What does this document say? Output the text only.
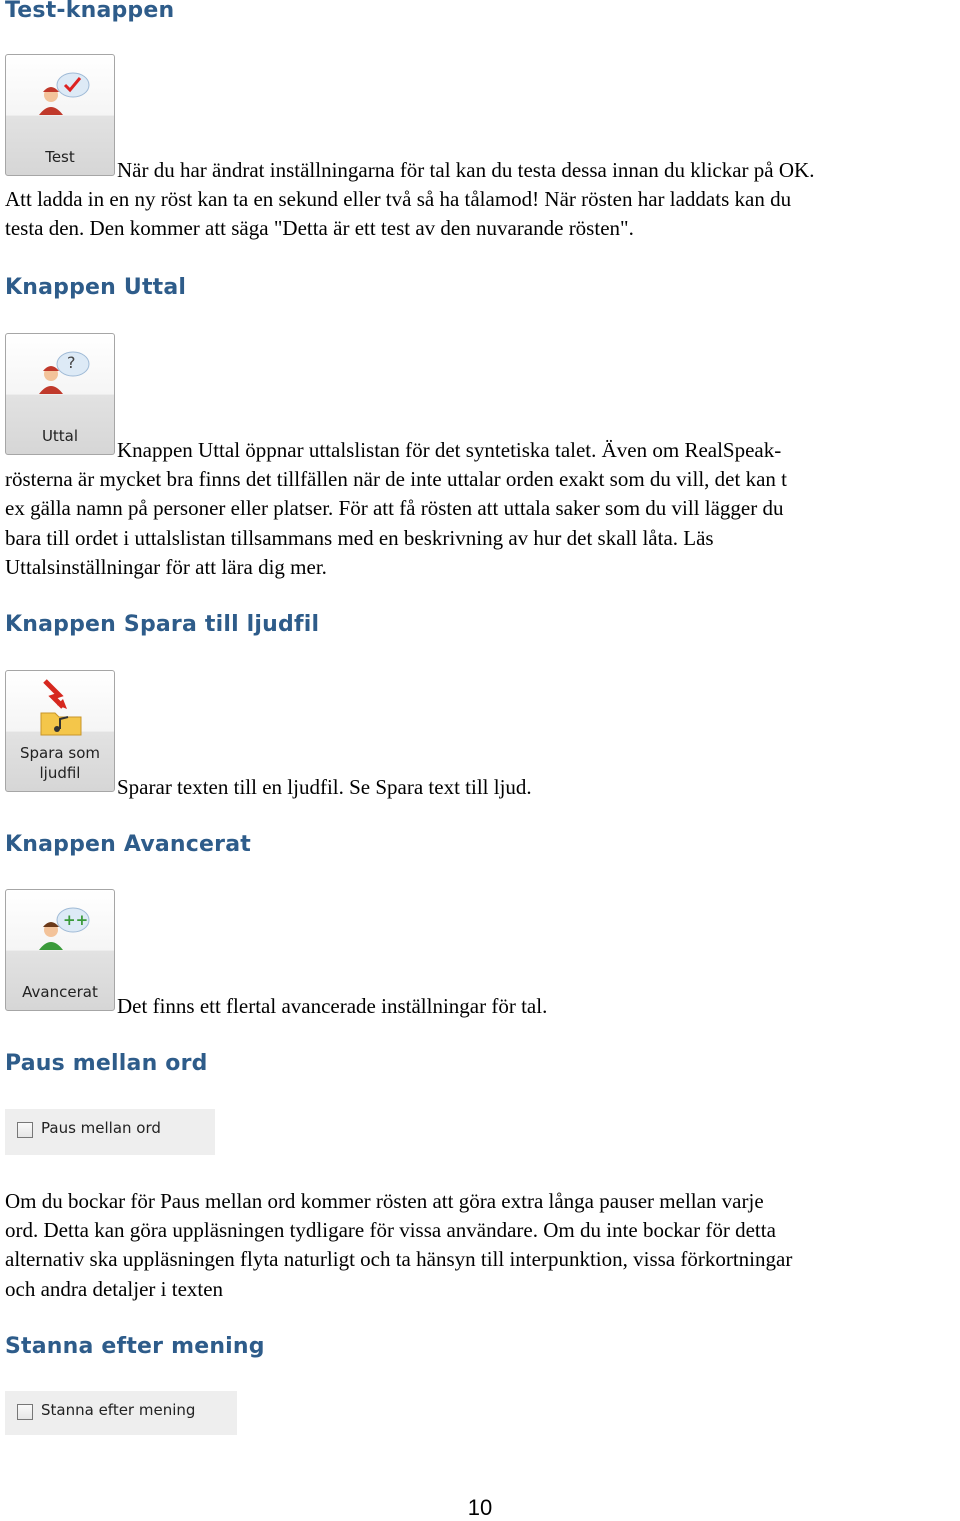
Test-knappen
Test
När du har ändrat inställningarna för tal kan du testa dessa innan du klickar på OK.
Att ladda in en ny röst kan ta en sekund eller två så ha tålamod! När rösten har laddats kan du
testa den. Den kommer att säga "Detta är ett test av den nuvarande rösten".
Knappen Uttal
?
Uttal
Knappen Uttal öppnar uttalslistan för det syntetiska talet. Även om RealSpeak-
rösterna är mycket bra finns det tillfällen när de inte uttalar orden exakt som du vill, det kan t
ex gälla namn på personer eller platser. För att få rösten att uttala saker som du vill lägger du
bara till ordet i uttalslistan tillsammans med en beskrivning av hur det skall låta. Läs
Uttalsinställningar för att lära dig mer.
Knappen Spara till ljudfil
Spara som
ljudfil
Sparar texten till en ljudfil. Se Spara text till ljud.
Knappen Avancerat
++
Avancerat
Det finns ett flertal avancerade inställningar för tal.
Paus mellan ord
Paus mellan ord
Om du bockar för Paus mellan ord kommer rösten att göra extra långa pauser mellan varje
ord. Detta kan göra uppläsningen tydligare för vissa användare. Om du inte bockar för detta
alternativ ska uppläsningen flyta naturligt och ta hänsyn till interpunktion, vissa förkortningar
och andra detaljer i texten
Stanna efter mening
Stanna efter mening
10
